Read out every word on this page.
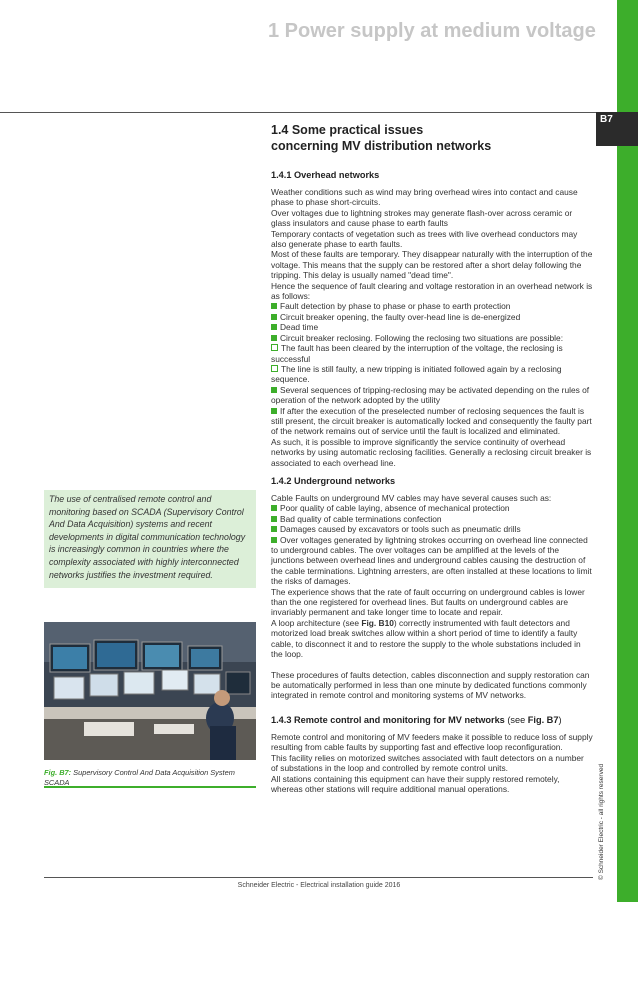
B7
1 Power supply at medium voltage
1.4 Some practical issues
concerning MV distribution networks
1.4.1 Overhead networks

Weather conditions such as wind may bring overhead wires into contact and cause phase to phase short-circuits.

Over voltages due to lightning strokes may generate flash-over across ceramic or glass insulators and cause phase to earth faults

Temporary contacts of vegetation such as trees with live overhead conductors may also generate phase to earth faults.

Most of these faults are temporary. They disappear naturally with the interruption of the voltage. This means that the supply can be restored after a short delay following the tripping. This delay is usually named "dead time".

Hence the sequence of fault clearing and voltage restoration in an overhead network is as follows:

Fault detection by phase to phase or phase to earth protection

Circuit breaker opening, the faulty over-head line is de-energized

Dead time

Circuit breaker reclosing. Following the reclosing two situations are possible:

The fault has been cleared by the interruption of the voltage, the reclosing is successful

The line is still faulty, a new tripping is initiated followed again by a reclosing sequence.

Several sequences of tripping-reclosing may be activated depending on the rules of operation of the network adopted by the utility

If after the execution of the preselected number of reclosing sequences the fault is still present, the circuit breaker is automatically locked and consequently the faulty part of the network remains out of service until the fault is localized and eliminated.

As such, it is possible to improve significantly the service continuity of overhead networks by using automatic reclosing facilities. Generally a reclosing circuit breaker is associated to each overhead line.

1.4.2 Underground networks

Cable Faults on underground MV cables may have several causes such as:

Poor quality of cable laying, absence of mechanical protection

Bad quality of cable terminations confection

Damages caused by excavators or tools such as pneumatic drills

Over voltages generated by lightning strokes occurring on overhead line connected to underground cables. The over voltages can be amplified at the levels of the junctions between overhead lines and underground cables causing the destruction of the cable terminations. Lightning arresters, are often installed at these locations to limit the risks of damages.

The experience shows that the rate of fault occurring on underground cables is lower than the one registered for overhead lines. But faults on underground cables are invariably permanent and take longer time to locate and repair.

A loop architecture (see Fig. B10) correctly instrumented with fault detectors and motorized load break switches allow within a short period of time to identify a faulty cable, to disconnect it and to restore the supply to the whole substations included in the loop.

These procedures of faults detection, cables disconnection and supply restoration can be automatically performed in less than one minute by dedicated functions commonly integrated in remote control and monitoring systems of MV networks.

1.4.3 Remote control and monitoring for MV networks (see Fig. B7)

Remote control and monitoring of MV feeders make it possible to reduce loss of supply resulting from cable faults by supporting fast and effective loop reconfiguration.

This facility relies on motorized switches associated with fault detectors on a number of substations in the loop and controlled by remote control units.

All stations containing this equipment can have their supply restored remotely, whereas other stations will require additional manual operations.

The use of centralised remote control and monitoring based on SCADA (Supervisory Control And Data Acquisition) systems and recent developments in digital communication technology is increasingly common in countries where the complexity associated with highly interconnected networks justifies the investment required.
Fig. B7: Supervisory Control And Data Acquisition System SCADA
Schneider Electric - Electrical installation guide 2016
© Schneider Electric - all rights reserved
